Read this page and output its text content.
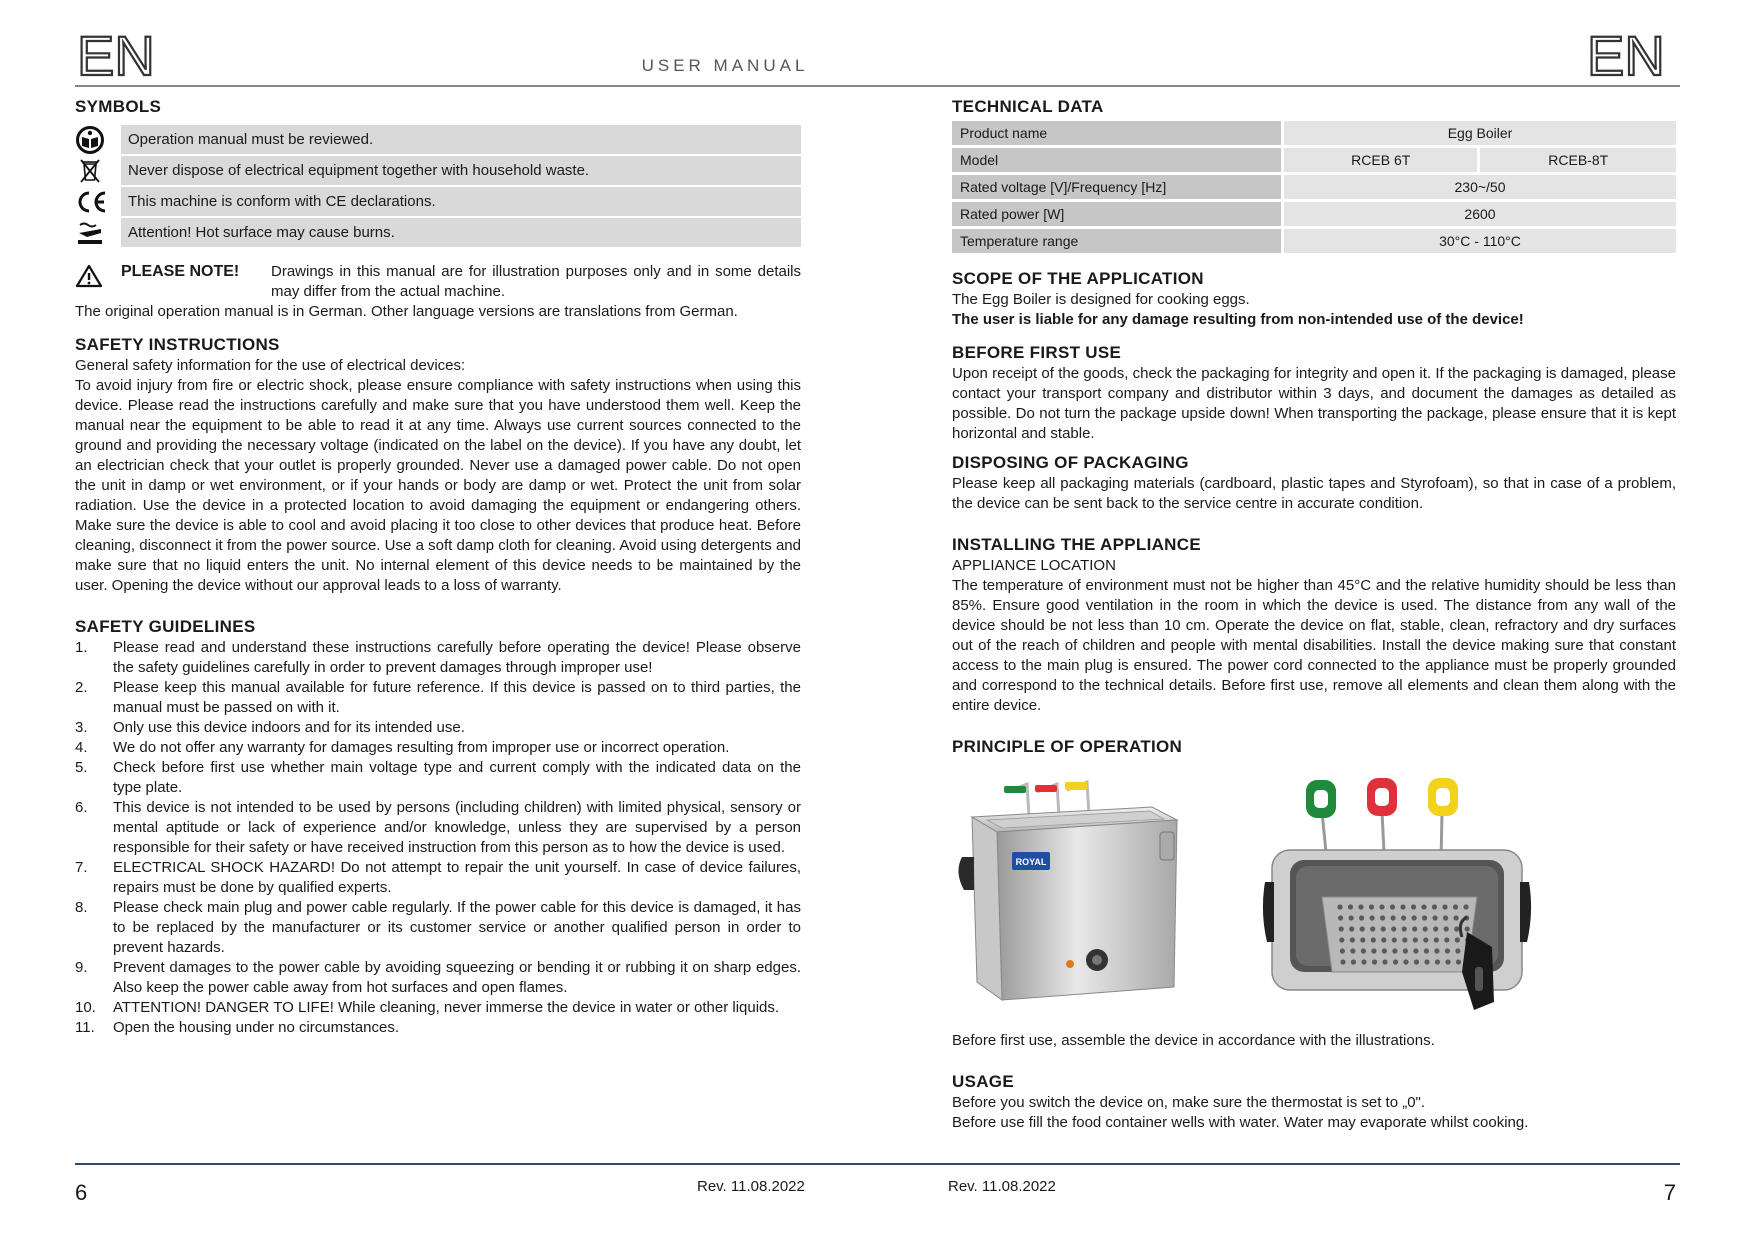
EN	USER MANUAL	EN
SYMBOLS
Operation manual must be reviewed.
Never dispose of electrical equipment together with household waste.
This machine is conform with CE declarations.
Attention! Hot surface may cause burns.
PLEASE NOTE!	Drawings in this manual are for illustration purposes only and in some details may differ from the actual machine.

The original operation manual is in German. Other language versions are translations from German.

SAFETY INSTRUCTIONS

General safety information for the use of electrical devices:

To avoid injury from fire or electric shock, please ensure compliance with safety instructions when using this device. Please read the instructions carefully and make sure that you have understood them well. Keep the manual near the equipment to be able to read it at any time. Always use current sources connected to the ground and providing the necessary voltage (indicated on the label on the device). If you have any doubt, let an electrician check that your outlet is properly grounded. Never use a damaged power cable. Do not open the unit in damp or wet environment, or if your hands or body are damp or wet. Protect the unit from solar radiation. Use the device in a protected location to avoid damaging the equipment or endangering others. Make sure the device is able to cool and avoid placing it too close to other devices that produce heat. Before cleaning, disconnect it from the power source. Use a soft damp cloth for cleaning. Avoid using detergents and make sure that no liquid enters the unit. No internal element of this device needs to be maintained by the user. Opening the device without our approval leads to a loss of warranty.

SAFETY GUIDELINES
1.	Please read and understand these instructions carefully before operating the device! Please observe the safety guidelines carefully in order to prevent damages through improper use!
2.	Please keep this manual available for future reference. If this device is passed on to third parties, the manual must be passed on with it.
3.	Only use this device indoors and for its intended use.
4.	We do not offer any warranty for damages resulting from improper use or incorrect operation.
5.	Check before first use whether main voltage type and current comply with the indicated data on the type plate.
6.	This device is not intended to be used by persons (including children) with limited physical, sensory or mental aptitude or lack of experience and/or knowledge, unless they are supervised by a person responsible for their safety or have received instruction from this person as to how the device is used.
7.	ELECTRICAL SHOCK HAZARD! Do not attempt to repair the unit yourself. In case of device failures, repairs must be done by qualified experts.
8.	Please check main plug and power cable regularly. If the power cable for this device is damaged, it has to be replaced by the manufacturer or its customer service or another qualified person in order to prevent hazards.
9.	Prevent damages to the power cable by avoiding squeezing or bending it or rubbing it on sharp edges. Also keep the power cable away from hot surfaces and open flames.
10.	ATTENTION! DANGER TO LIFE! While cleaning, never immerse the device in water or other liquids.
11.	Open the housing under no circumstances.
TECHNICAL DATA
Product name	Egg Boiler	
Model	RCEB 6T	RCEB-8T
Rated voltage [V]/Frequency [Hz]	230~/50	
Rated power [W]	2600	
Temperature range	30°C - 110°C	
SCOPE OF THE APPLICATION

The Egg Boiler is designed for cooking eggs.

The user is liable for any damage resulting from non-intended use of the device!

BEFORE FIRST USE

Upon receipt of the goods, check the packaging for integrity and open it. If the packaging is damaged, please contact your transport company and distributor within 3 days, and document the damages as detailed as possible. Do not turn the package upside down! When transporting the package, please ensure that it is kept horizontal and stable.

DISPOSING OF PACKAGING

Please keep all packaging materials (cardboard, plastic tapes and Styrofoam), so that in case of a problem, the device can be sent back to the service centre in accurate condition.

INSTALLING THE APPLIANCE

APPLIANCE LOCATION

The temperature of environment must not be higher than 45°C and the relative humidity should be less than 85%. Ensure good ventilation in the room in which the device is used. The distance from any wall of the device should be not less than 10 cm. Operate the device on flat, stable, clean, refractory and dry surfaces out of the reach of children and people with mental disabilities. Install the device making sure that constant access to the main plug is ensured. The power cord connected to the appliance must be properly grounded and correspond to the technical details. Before first use, remove all elements and clean them along with the entire device.

PRINCIPLE OF OPERATION
ROYAL

Before first use, assemble the device in accordance with the illustrations.

USAGE

Before you switch the device on, make sure the thermostat is set to „0".

Before use fill the food container wells with water. Water may evaporate whilst cooking.

6	Rev. 11.08.2022	Rev. 11.08.2022	7
